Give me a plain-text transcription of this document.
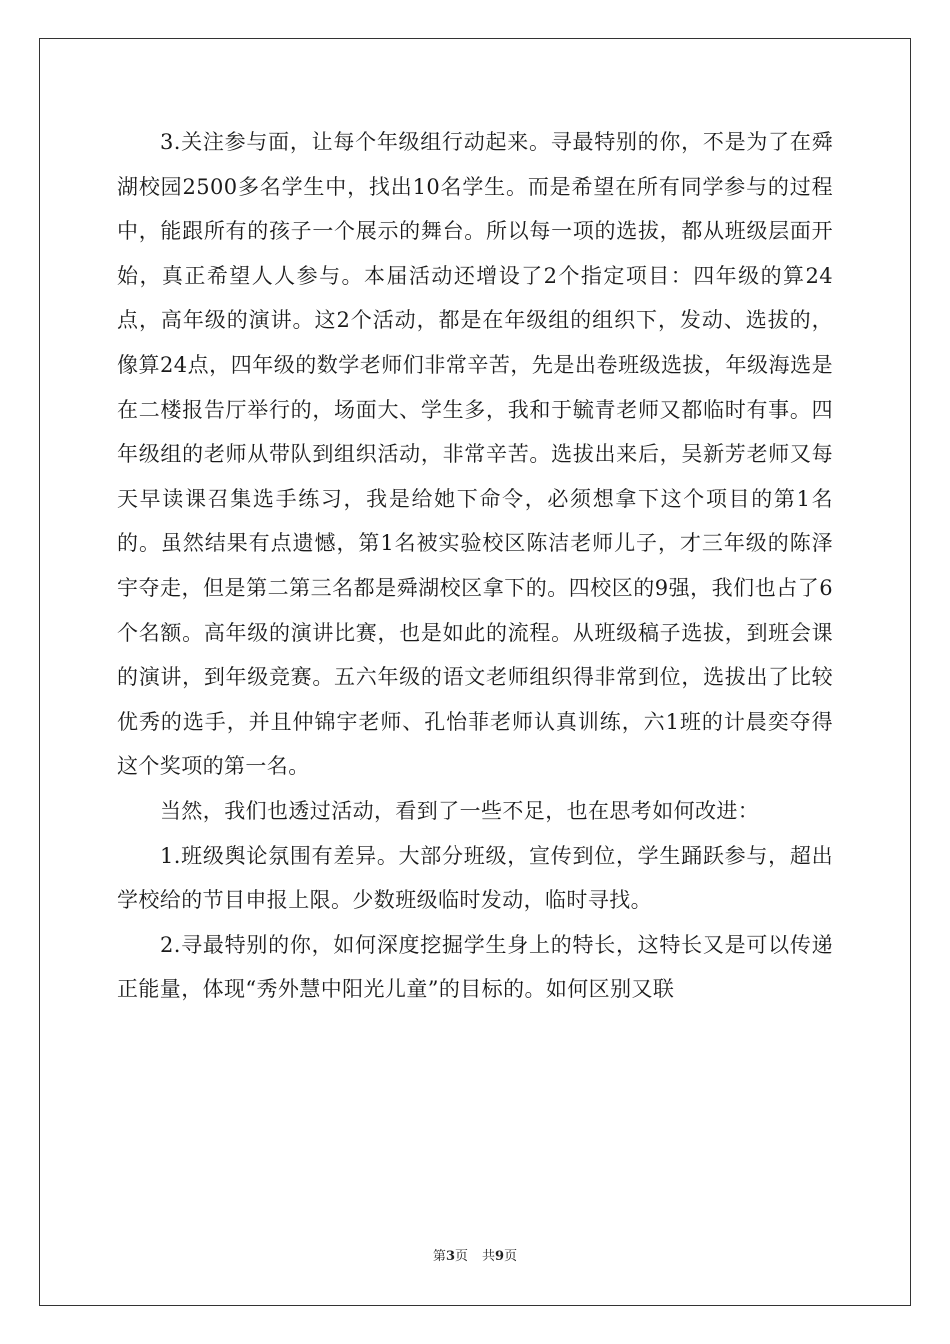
3.关注参与面，让每个年级组行动起来。寻最特别的你，不是为了在舜湖校园2500多名学生中，找出10名学生。而是希望在所有同学参与的过程中，能跟所有的孩子一个展示的舞台。所以每一项的选拔，都从班级层面开始，真正希望人人参与。本届活动还增设了2个指定项目：四年级的算24点，高年级的演讲。这2个活动，都是在年级组的组织下，发动、选拔的，像算24点，四年级的数学老师们非常辛苦，先是出卷班级选拔，年级海选是在二楼报告厅举行的，场面大、学生多，我和于毓青老师又都临时有事。四年级组的老师从带队到组织活动，非常辛苦。选拔出来后，吴新芳老师又每天早读课召集选手练习，我是给她下命令，必须想拿下这个项目的第1名的。虽然结果有点遗憾，第1名被实验校区陈洁老师儿子，才三年级的陈泽宇夺走，但是第二第三名都是舜湖校区拿下的。四校区的9强，我们也占了6个名额。高年级的演讲比赛，也是如此的流程。从班级稿子选拔，到班会课的演讲，到年级竞赛。五六年级的语文老师组织得非常到位，选拔出了比较优秀的选手，并且仲锦宇老师、孔怡菲老师认真训练，六1班的计晨奕夺得这个奖项的第一名。

当然，我们也透过活动，看到了一些不足，也在思考如何改进：

1.班级舆论氛围有差异。大部分班级，宣传到位，学生踊跃参与，超出学校给的节目申报上限。少数班级临时发动，临时寻找。

2.寻最特别的你，如何深度挖掘学生身上的特长，这特长又是可以传递正能量，体现“秀外慧中阳光儿童”的目标的。如何区别又联

第3页 共9页
